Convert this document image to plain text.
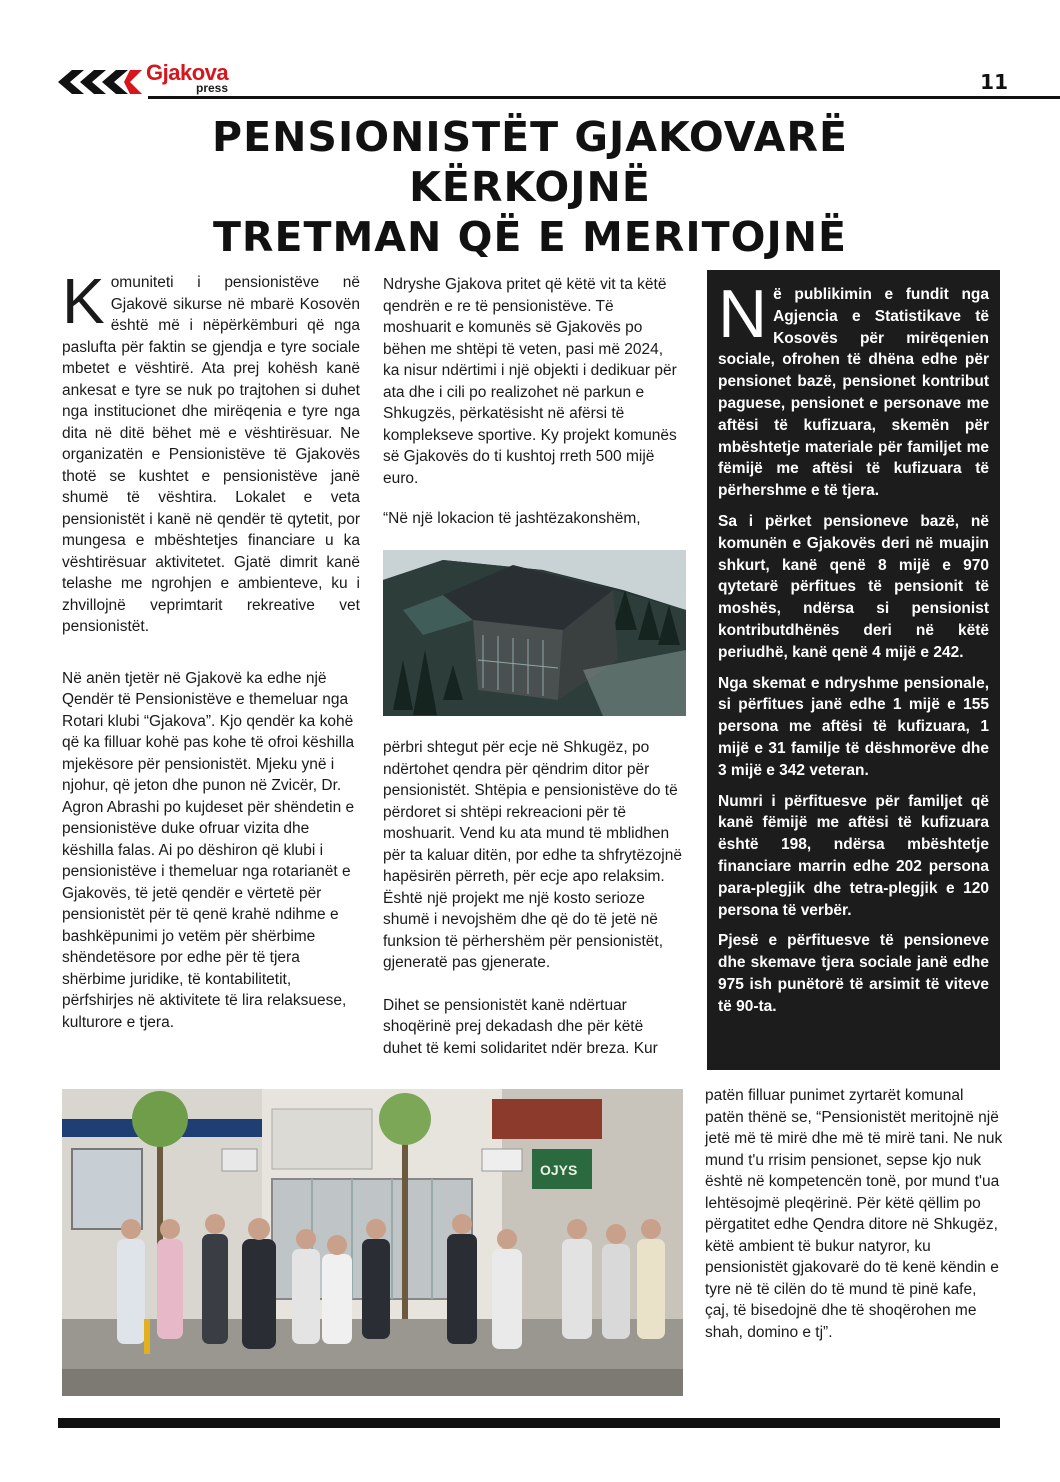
Gjakova
press	11
PENSIONISTËT GJAKOVARË
KËRKOJNË
TRETMAN QË E MERITOJNË

Komuniteti i pensionistëve në Gjakovë sikurse në mbarë Kosovën është më i nëpërkëmburi që nga paslufta për faktin se gjendja e tyre sociale mbetet e vështirë. Ata prej kohësh kanë ankesat e tyre se nuk po trajtohen si duhet nga institucionet dhe mirëqenia e tyre nga dita në ditë bëhet më e vështirësuar. Ne organizatën e Pensionistëve të Gjakovës thotë se kushtet e pensionistëve janë shumë të vështira. Lokalet e veta pensionistët i kanë në qendër të qytetit, por mungesa e mbështetjes financiare u ka vështirësuar aktivitetet. Gjatë dimrit kanë telashe me ngrohjen e ambienteve, ku i zhvillojnë veprimtarit rekreative vet pensionistët.

Në anën tjetër në Gjakovë ka edhe një Qendër të Pensionistëve e themeluar nga Rotari klubi “Gjakova”. Kjo qendër ka kohë që ka filluar kohë pas kohe të ofroi këshilla mjekësore për pensionistët. Mjeku ynë i njohur, që jeton dhe punon në Zvicër, Dr. Agron Abrashi po kujdeset për shëndetin e pensionistëve duke ofruar vizita dhe këshilla falas. Ai po dëshiron që klubi i pensionistëve i themeluar nga rotarianët e Gjakovës, të jetë qendër e vërtetë për pensionistët për të qenë krahë ndihme e bashkëpunimi jo vetëm për shërbime shëndetësore por edhe për të tjera shërbime juridike, të kontabilitetit, përfshirjes në aktivitete të lira relaksuese, kulturore e tjera.

Ndryshe Gjakova pritet që këtë vit ta këtë qendrën e re të pensionistëve. Të moshuarit e komunës së Gjakovës po bëhen me shtëpi të veten, pasi më 2024, ka nisur ndërtimi i një objekti i dedikuar për ata dhe i cili po realizohet në parkun e Shkugzës, përkatësisht në afërsi të komplekseve sportive. Ky projekt komunës së Gjakovës do ti kushtoj rreth 500 mijë euro.

“Në një lokacion të jashtëzakonshëm,

përbri shtegut për ecje në Shkugëz, po ndërtohet qendra për qëndrim ditor për pensionistët. Shtëpia e pensionistëve do të përdoret si shtëpi rekreacioni për të moshuarit. Vend ku ata mund të mblidhen për ta kaluar ditën, por edhe ta shfrytëzojnë hapësirën përreth, për ecje apo relaksim. Është një projekt me një kosto serioze shumë i nevojshëm dhe që do të jetë në funksion të përhershëm për pensionistët, gjeneratë pas gjenerate.

Dihet se pensionistët kanë ndërtuar shoqërinë prej dekadash dhe për këtë duhet të kemi solidaritet ndër breza. Kur

Në publikimin e fundit nga Agjencia e Statistikave të Kosovës për mirëqenien sociale, ofrohen të dhëna edhe për pensionet bazë, pensionet kontribut paguese, pensionet e personave me aftësi të kufizuara, skemën për mbështetje materiale për familjet me fëmijë me aftësi të kufizuara të përhershme e të tjera.

Sa i përket pensioneve bazë, në komunën e Gjakovës deri në muajin shkurt, kanë qenë 8 mijë e 970 qytetarë përfitues të pensionit të moshës, ndërsa si pensionist kontributdhënës deri në këtë periudhë, kanë qenë 4 mijë e 242.

Nga skemat e ndryshme pensionale, si përfitues janë edhe 1 mijë e 155 persona me aftësi të kufizuara, 1 mijë e 31 familje të dëshmorëve dhe 3 mijë e 342 veteran.

Numri i përfituesve për familjet që kanë fëmijë me aftësi të kufizuara është 198, ndërsa mbështetje financiare marrin edhe 202 persona para-plegjik dhe tetra-plegjik e 120 persona të verbër.

Pjesë e përfituesve të pensioneve dhe skemave tjera sociale janë edhe 975 ish punëtorë të arsimit të viteve të 90-ta.

OJYS

patën filluar punimet zyrtarët komunal patën thënë se, “Pensionistët meritojnë një jetë më të mirë dhe më të mirë tani. Ne nuk mund t'u rrisim pensionet, sepse kjo nuk është në kompetencën tonë, por mund t'ua lehtësojmë pleqërinë. Për këtë qëllim po përgatitet edhe Qendra ditore në Shkugëz, këtë ambient të bukur natyror, ku pensionistët gjakovarë do të kenë këndin e tyre në të cilën do të mund të pinë kafe, çaj, të bisedojnë dhe të shoqërohen me shah, domino e tj”.
